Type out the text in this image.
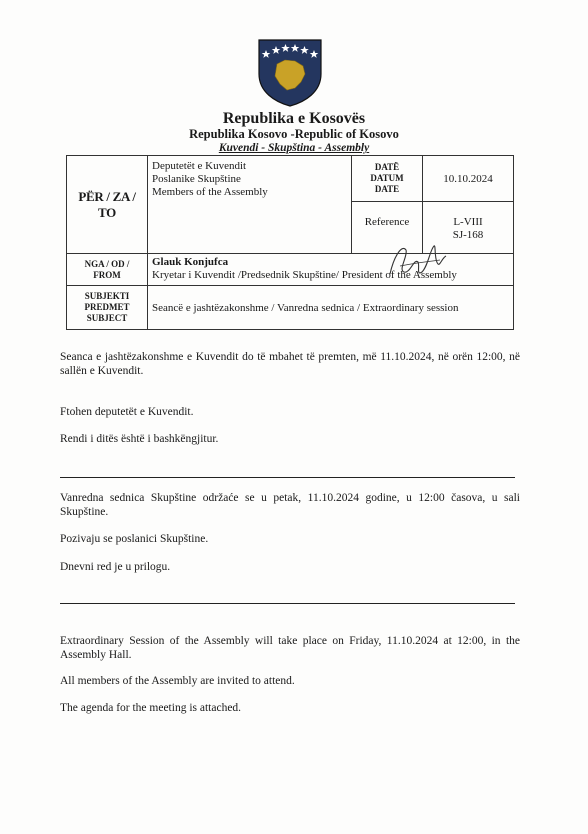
Republika e Kosovës
Republika Kosovo -Republic of Kosovo
Kuvendi - Skupština - Assembly
PËR / ZA / TO	Deputetët e Kuvendit
Poslanike Skupštine
Members of the Assembly	DATË
DATUM
DATE	10.10.2024
		Reference	L-VIII
SJ-168

NGA / OD /
FROM	Glauk Konjufca
Kryetar i Kuvendit /Predsednik Skupštine/ President of the Assembly		

SUBJEKTI
PREDMET
SUBJECT	Seancë e jashtëzakonshme / Vanredna sednica / Extraordinary session		
Seanca e jashtëzakonshme e Kuvendit do të mbahet të premten, më 11.10.2024, në orën 12:00, në sallën e Kuvendit.
Ftohen deputetët e Kuvendit.
Rendi i ditës është i bashkëngjitur.
Vanredna sednica Skupštine održaće se u petak, 11.10.2024 godine, u 12:00 časova, u sali Skupštine.
Pozivaju se poslanici Skupštine.
Dnevni red je u prilogu.
Extraordinary Session of the Assembly will take place on Friday, 11.10.2024 at 12:00, in the Assembly Hall.
All members of the Assembly are invited to attend.
The agenda for the meeting is attached.
